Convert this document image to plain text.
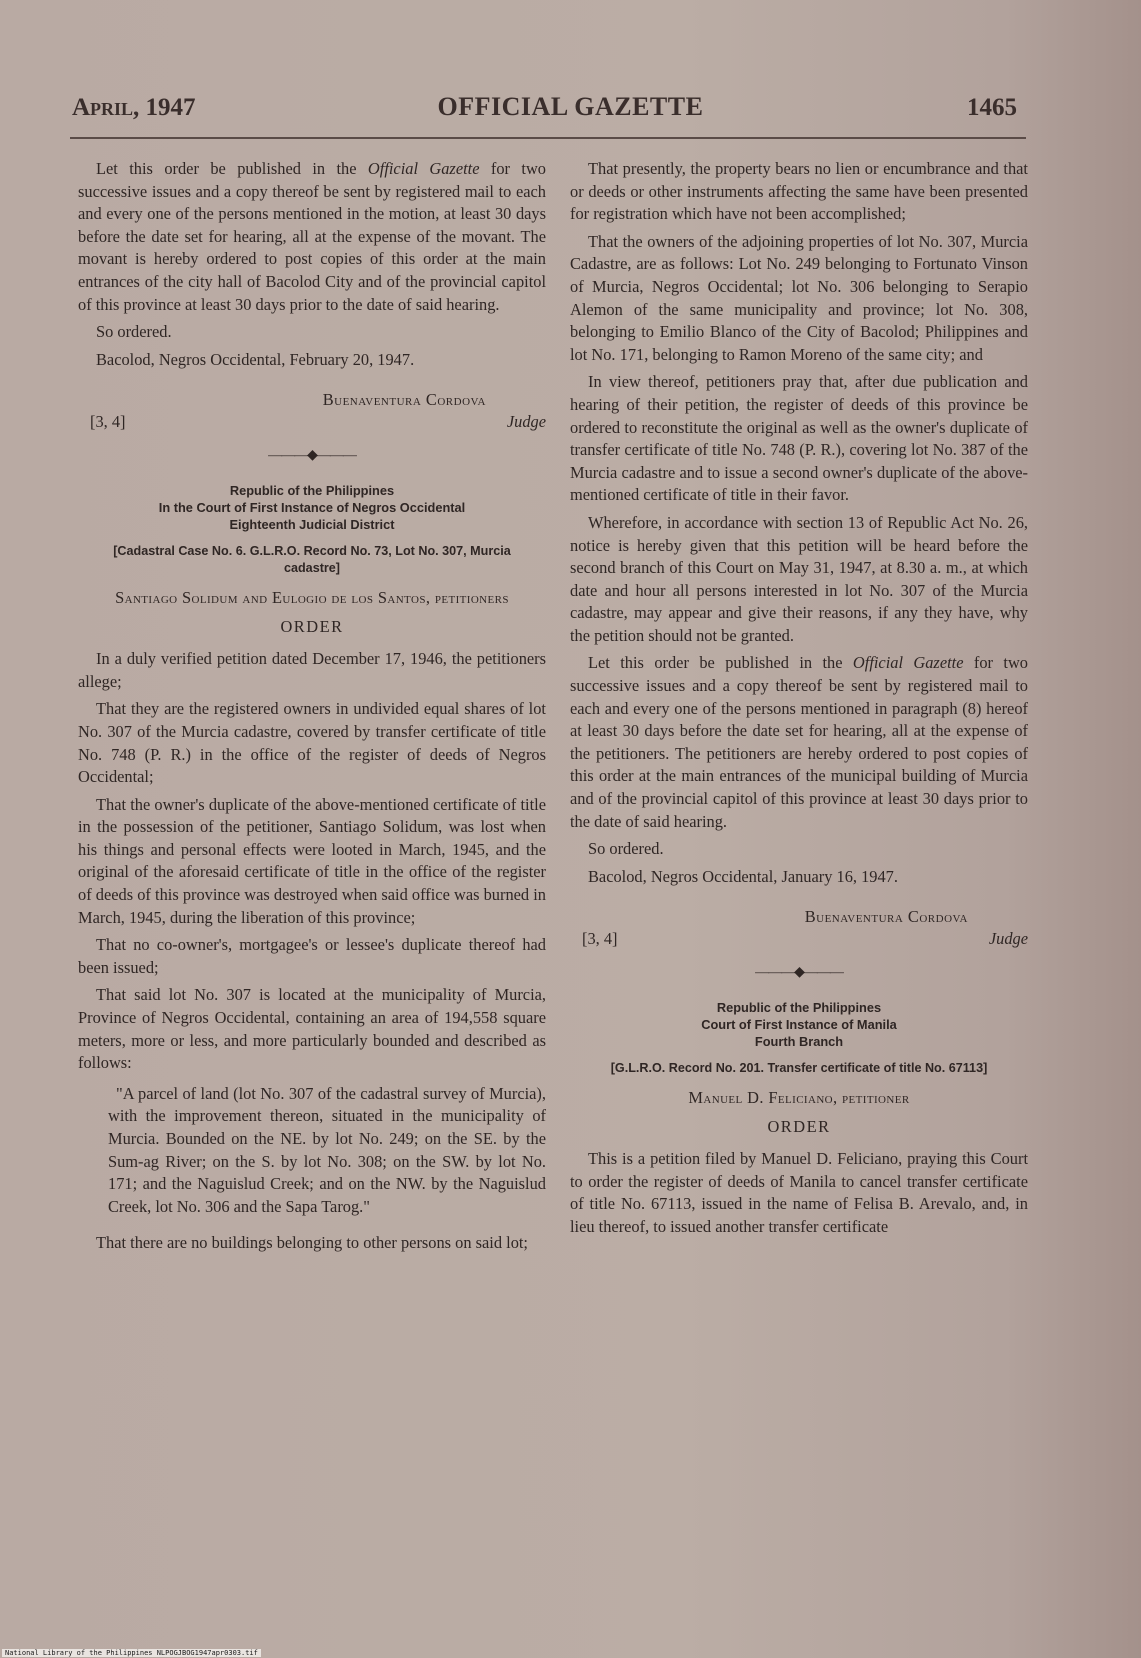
April, 1947	OFFICIAL GAZETTE	1465

Let this order be published in the Official Gazette for two successive issues and a copy thereof be sent by registered mail to each and every one of the persons mentioned in the motion, at least 30 days before the date set for hearing, all at the expense of the movant. The movant is hereby ordered to post copies of this order at the main entrances of the city hall of Bacolod City and of the provincial capitol of this province at least 30 days prior to the date of said hearing.

So ordered.

Bacolod, Negros Occidental, February 20, 1947.

Buenaventura Cordova
[3, 4]	Judge
———◆———
Republic of the Philippines
In the Court of First Instance of Negros Occidental
Eighteenth Judicial District
[Cadastral Case No. 6. G.L.R.O. Record No. 73, Lot No. 307, Murcia cadastre]
Santiago Solidum and Eulogio de los Santos, petitioners
ORDER

In a duly verified petition dated December 17, 1946, the petitioners allege;

That they are the registered owners in undivided equal shares of lot No. 307 of the Murcia cadastre, covered by transfer certificate of title No. 748 (P. R.) in the office of the register of deeds of Negros Occidental;

That the owner's duplicate of the above-mentioned certificate of title in the possession of the petitioner, Santiago Solidum, was lost when his things and personal effects were looted in March, 1945, and the original of the aforesaid certificate of title in the office of the register of deeds of this province was destroyed when said office was burned in March, 1945, during the liberation of this province;

That no co-owner's, mortgagee's or lessee's duplicate thereof had been issued;

That said lot No. 307 is located at the municipality of Murcia, Province of Negros Occidental, containing an area of 194,558 square meters, more or less, and more particularly bounded and described as follows:

"A parcel of land (lot No. 307 of the cadastral survey of Murcia), with the improvement thereon, situated in the municipality of Murcia. Bounded on the NE. by lot No. 249; on the SE. by the Sum-ag River; on the S. by lot No. 308; on the SW. by lot No. 171; and the Naguislud Creek; and on the NW. by the Naguislud Creek, lot No. 306 and the Sapa Tarog."

That there are no buildings belonging to other persons on said lot;

That presently, the property bears no lien or encumbrance and that or deeds or other instruments affecting the same have been presented for registration which have not been accomplished;

That the owners of the adjoining properties of lot No. 307, Murcia Cadastre, are as follows: Lot No. 249 belonging to Fortunato Vinson of Murcia, Negros Occidental; lot No. 306 belonging to Serapio Alemon of the same municipality and province; lot No. 308, belonging to Emilio Blanco of the City of Bacolod; Philippines and lot No. 171, belonging to Ramon Moreno of the same city; and

In view thereof, petitioners pray that, after due publication and hearing of their petition, the register of deeds of this province be ordered to reconstitute the original as well as the owner's duplicate of transfer certificate of title No. 748 (P. R.), covering lot No. 387 of the Murcia cadastre and to issue a second owner's duplicate of the above-mentioned certificate of title in their favor.

Wherefore, in accordance with section 13 of Republic Act No. 26, notice is hereby given that this petition will be heard before the second branch of this Court on May 31, 1947, at 8.30 a. m., at which date and hour all persons interested in lot No. 307 of the Murcia cadastre, may appear and give their reasons, if any they have, why the petition should not be granted.

Let this order be published in the Official Gazette for two successive issues and a copy thereof be sent by registered mail to each and every one of the persons mentioned in paragraph (8) hereof at least 30 days before the date set for hearing, all at the expense of the petitioners. The petitioners are hereby ordered to post copies of this order at the main entrances of the municipal building of Murcia and of the provincial capitol of this province at least 30 days prior to the date of said hearing.

So ordered.

Bacolod, Negros Occidental, January 16, 1947.

Buenaventura Cordova
[3, 4]	Judge
———◆———
Republic of the Philippines
Court of First Instance of Manila
Fourth Branch
[G.L.R.O. Record No. 201. Transfer certificate of title No. 67113]
Manuel D. Feliciano, petitioner
ORDER

This is a petition filed by Manuel D. Feliciano, praying this Court to order the register of deeds of Manila to cancel transfer certificate of title No. 67113, issued in the name of Felisa B. Arevalo, and, in lieu thereof, to issued another transfer certificate

National Library of the Philippines NLPOGJBOG1947apr0303.tif
